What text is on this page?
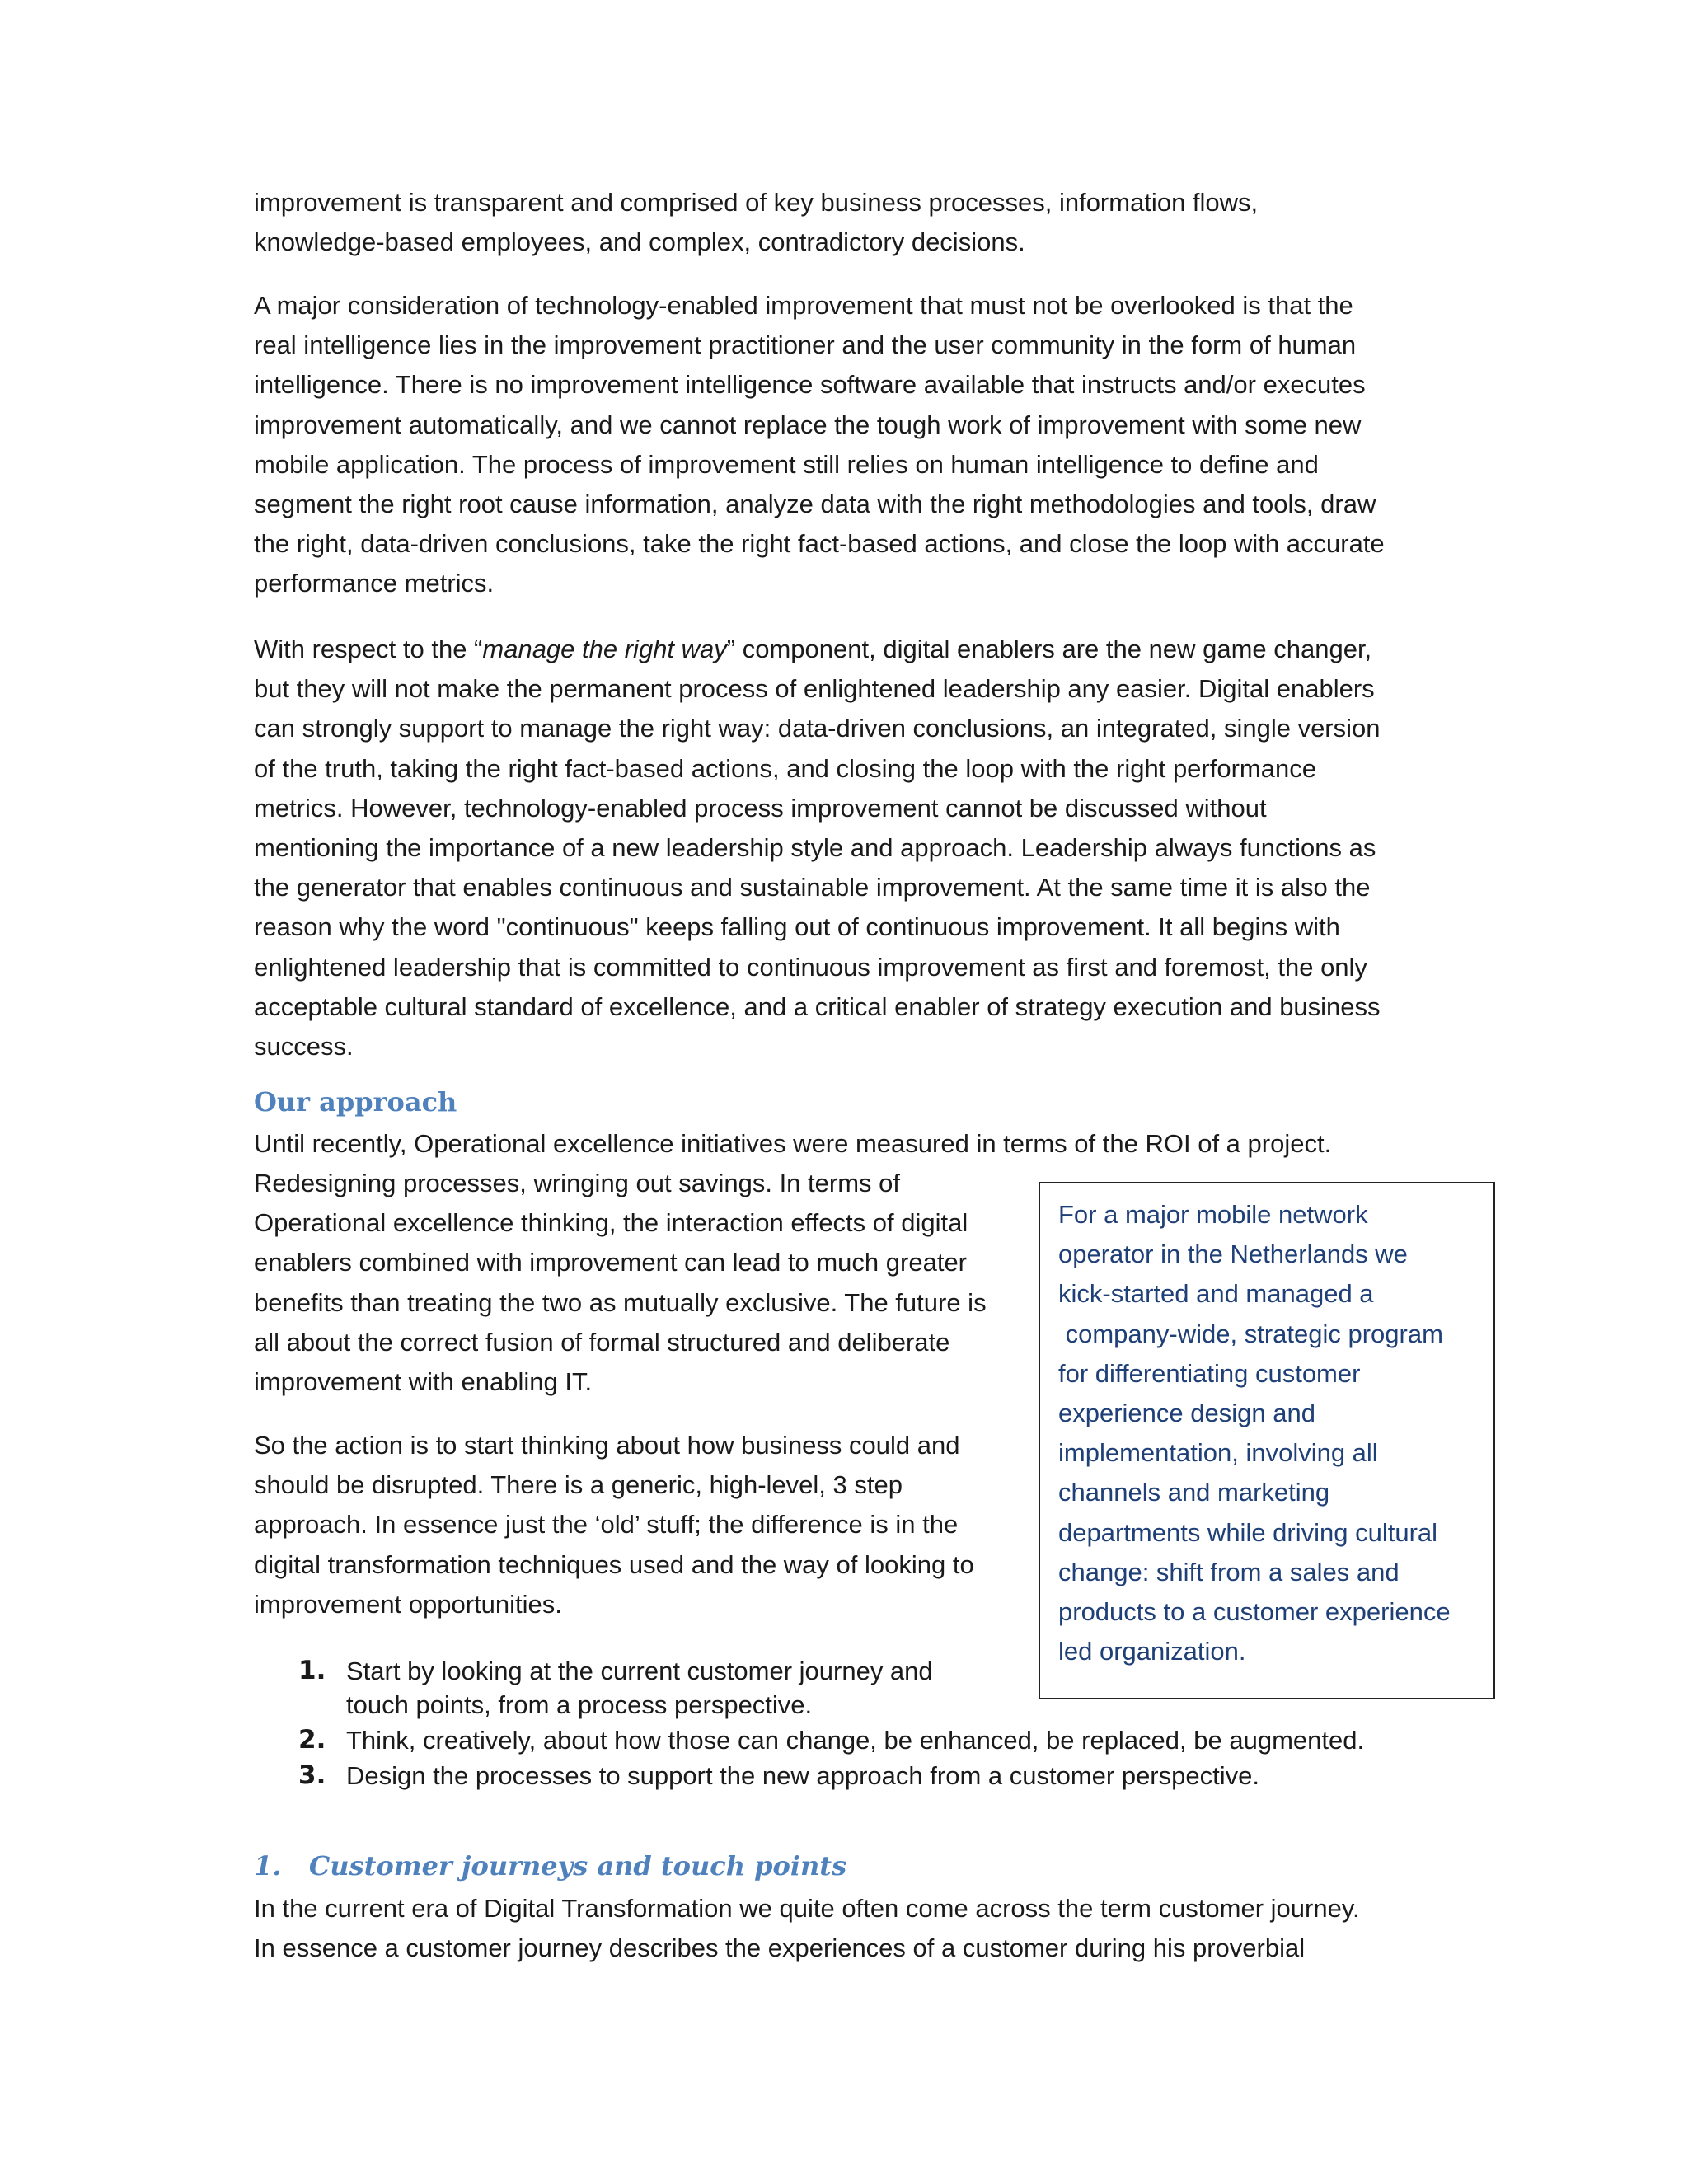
improvement is transparent and comprised of key business processes, information flows,

knowledge-based employees, and complex, contradictory decisions.

A major consideration of technology-enabled improvement that must not be overlooked is that the

real intelligence lies in the improvement practitioner and the user community in the form of human

intelligence. There is no improvement intelligence software available that instructs and/or executes

improvement automatically, and we cannot replace the tough work of improvement with some new

mobile application. The process of improvement still relies on human intelligence to define and

segment the right root cause information, analyze data with the right methodologies and tools, draw

the right, data-driven conclusions, take the right fact-based actions, and close the loop with accurate

performance metrics.

With respect to the “manage the right way” component, digital enablers are the new game changer,

but they will not make the permanent process of enlightened leadership any easier. Digital enablers

can strongly support to manage the right way: data-driven conclusions, an integrated, single version

of the truth, taking the right fact-based actions, and closing the loop with the right performance

metrics. However, technology-enabled process improvement cannot be discussed without

mentioning the importance of a new leadership style and approach. Leadership always functions as

the generator that enables continuous and sustainable improvement. At the same time it is also the

reason why the word "continuous" keeps falling out of continuous improvement. It all begins with

enlightened leadership that is committed to continuous improvement as first and foremost, the only

acceptable cultural standard of excellence, and a critical enabler of strategy execution and business

success.

Our approach

Until recently, Operational excellence initiatives were measured in terms of the ROI of a project.

Redesigning processes, wringing out savings. In terms of

Operational excellence thinking, the interaction effects of digital

enablers combined with improvement can lead to much greater

benefits than treating the two as mutually exclusive. The future is

all about the correct fusion of formal structured and deliberate

improvement with enabling IT.

So the action is to start thinking about how business could and

should be disrupted. There is a generic, high-level, 3 step

approach. In essence just the ‘old’ stuff; the difference is in the

digital transformation techniques used and the way of looking to

improvement opportunities.

For a major mobile network

operator in the Netherlands we

kick-started and managed a

company-wide, strategic program

for differentiating customer

experience design and

implementation, involving all

channels and marketing

departments while driving cultural

change: shift from a sales and

products to a customer experience

led organization.

1. Start by looking at the current customer journey and
touch points, from a process perspective.
2. Think, creatively, about how those can change, be enhanced, be replaced, be augmented.
3. Design the processes to support the new approach from a customer perspective.
1.   Customer journeys and touch points

In the current era of Digital Transformation we quite often come across the term customer journey.

In essence a customer journey describes the experiences of a customer during his proverbial
